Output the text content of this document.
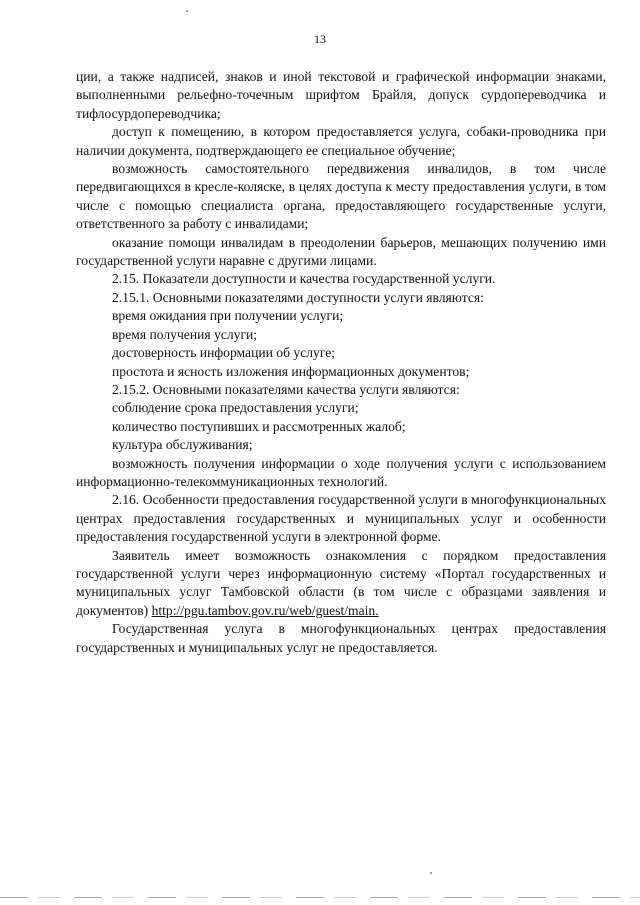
13

ции, а также надписей, знаков и иной текстовой и графической информации знаками, выполненными рельефно-точечным шрифтом Брайля, допуск сурдопереводчика и тифлосурдопереводчика;

доступ к помещению, в котором предоставляется услуга, собаки-проводника при наличии документа, подтверждающего ее специальное обучение;

возможность самостоятельного передвижения инвалидов, в том числе передвигающихся в кресле-коляске, в целях доступа к месту предоставления услуги, в том числе с помощью специалиста органа, предоставляющего государственные услуги, ответственного за работу с инвалидами;

оказание помощи инвалидам в преодолении барьеров, мешающих получению ими государственной услуги наравне с другими лицами.

2.15. Показатели доступности и качества государственной услуги.

2.15.1. Основными показателями доступности услуги являются:

время ожидания при получении услуги;

время получения услуги;

достоверность информации об услуге;

простота и ясность изложения информационных документов;

2.15.2. Основными показателями качества услуги являются:

соблюдение срока предоставления услуги;

количество поступивших и рассмотренных жалоб;

культура обслуживания;

возможность получения информации о ходе получения услуги с использованием информационно-телекоммуникационных технологий.

2.16. Особенности предоставления государственной услуги в многофункциональных центрах предоставления государственных и муниципальных услуг и особенности предоставления государственной услуги в электронной форме.

Заявитель имеет возможность ознакомления с порядком предоставления государственной услуги через информационную систему «Портал государственных и муниципальных услуг Тамбовской области (в том числе с образцами заявления и документов) http://pgu.tambov.gov.ru/web/guest/main.

Государственная услуга в многофункциональных центрах предоставления государственных и муниципальных услуг не предоставляется.
